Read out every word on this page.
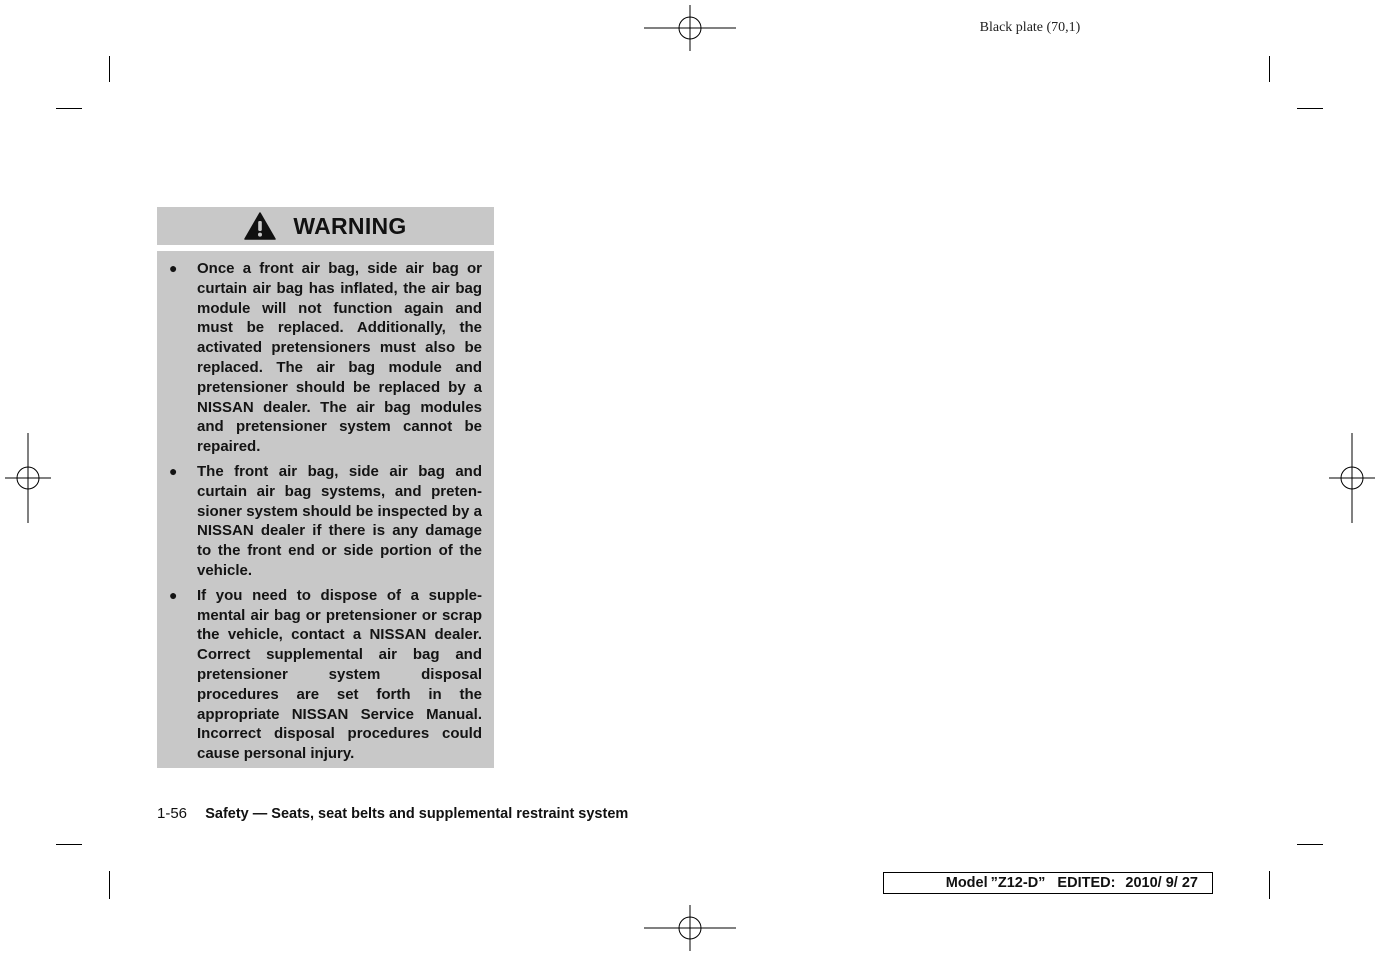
Black plate (70,1)
WARNING
● Once a front air bag, side air bag or curtain air bag has inflated, the air bag module will not function again and must be replaced. Additionally, the activated pretensioners must also be replaced. The air bag module and pretensioner should be replaced by a NISSAN dealer. The air bag modules and pretensioner system cannot be repaired.
● The front air bag, side air bag and curtain air bag systems, and pretensioner system should be inspected by a NISSAN dealer if there is any damage to the front end or side portion of the vehicle.
● If you need to dispose of a supplemental air bag or pretensioner or scrap the vehicle, contact a NISSAN dealer. Correct supplemental air bag and pretensioner system disposal procedures are set forth in the appropriate NISSAN Service Manual. Incorrect disposal procedures could cause personal injury.
1-56 Safety — Seats, seat belts and supplemental restraint system
Model ”Z12-D” EDITED: 2010/ 9/ 27
